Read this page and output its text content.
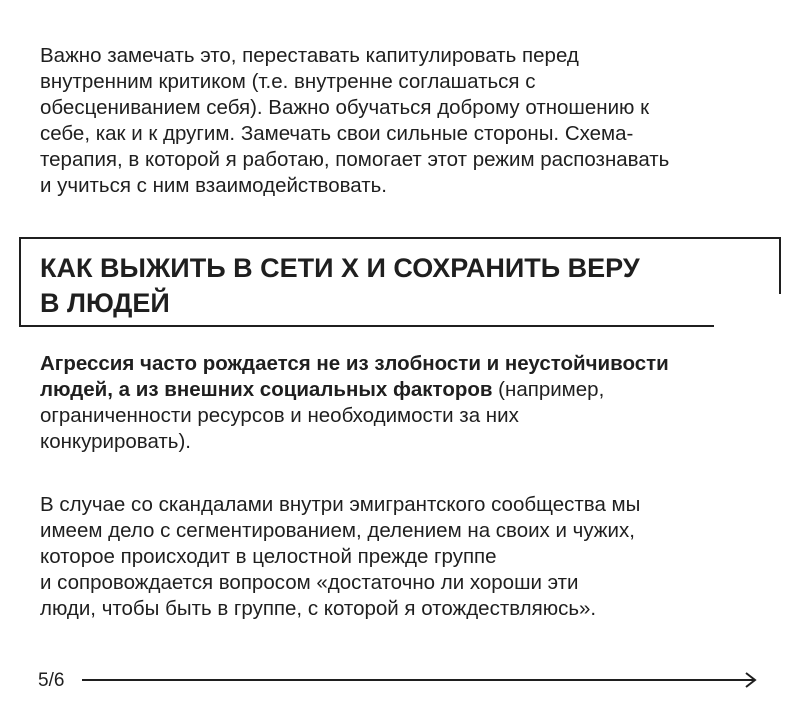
Важно замечать это, переставать капитулировать перед
внутренним критиком (т.е. внутренне соглашаться с
обесцениванием себя). Важно обучаться доброму отношению к
себе, как и к другим. Замечать свои сильные стороны. Схема-
терапия, в которой я работаю, помогает этот режим распознавать
и учиться с ним взаимодействовать.

КАК ВЫЖИТЬ В СЕТИ Х И СОХРАНИТЬ ВЕРУ
В ЛЮДЕЙ

Агрессия часто рождается не из злобности и неустойчивости
людей, а из внешних социальных факторов (например,
ограниченности ресурсов и необходимости за них
конкурировать).

В случае со скандалами внутри эмигрантского сообщества мы
имеем дело с сегментированием, делением на своих и чужих,
которое происходит в целостной прежде группе
и сопровождается вопросом «достаточно ли хороши эти
люди, чтобы быть в группе, с которой я отождествляюсь».

5/6
